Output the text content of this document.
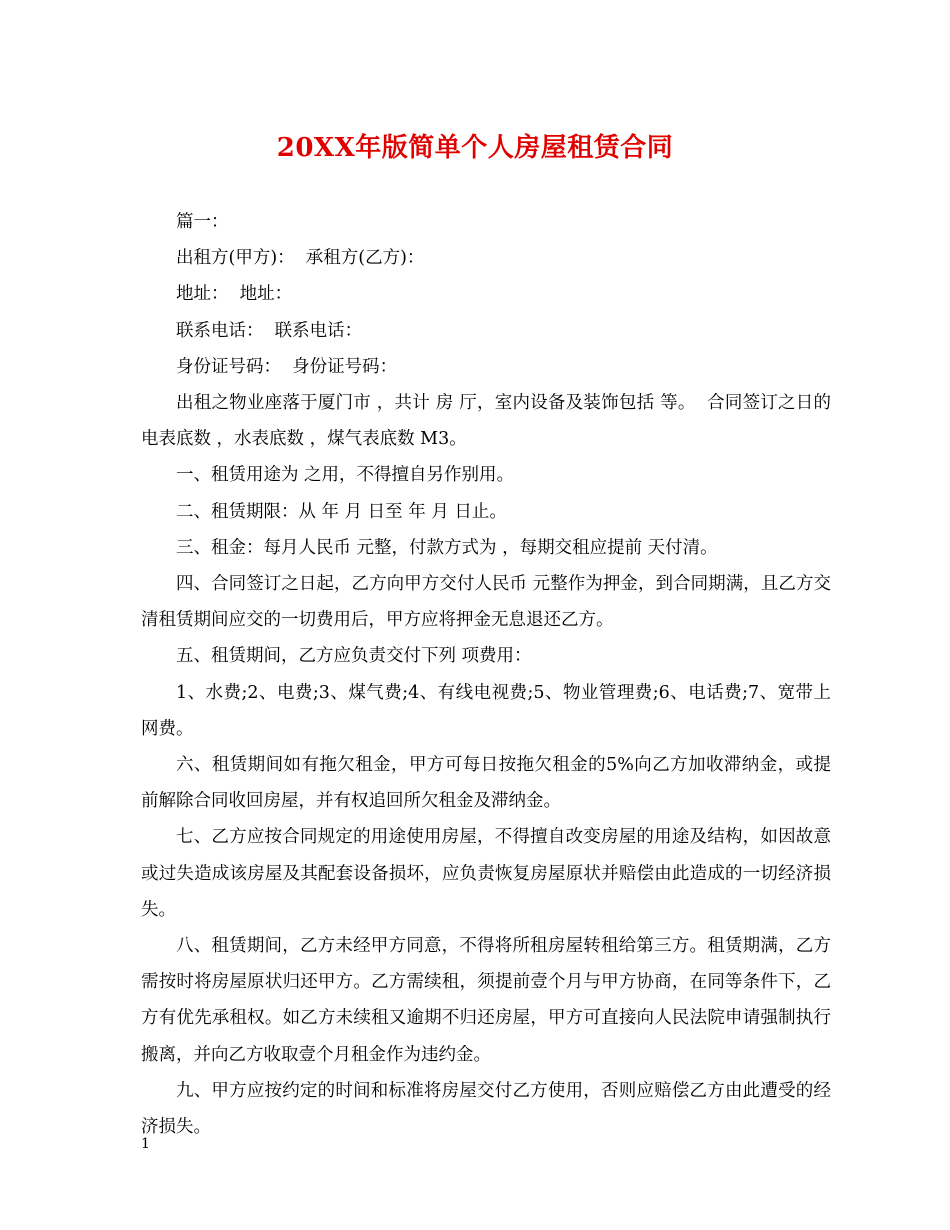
20XX年版简单个人房屋租赁合同

篇一：

出租方(甲方)：  承租方(乙方)：

地址：  地址：

联系电话：  联系电话：

身份证号码：  身份证号码：

出租之物业座落于厦门市 ，共计 房 厅，室内设备及装饰包括 等。  合同签订之日的电表底数 ，水表底数 ，煤气表底数 M3。

一、租赁用途为 之用，不得擅自另作别用。

二、租赁期限：从 年 月 日至 年 月 日止。

三、租金：每月人民币 元整，付款方式为 ，每期交租应提前 天付清。

四、合同签订之日起，乙方向甲方交付人民币 元整作为押金，到合同期满，且乙方交清租赁期间应交的一切费用后，甲方应将押金无息退还乙方。

五、租赁期间，乙方应负责交付下列 项费用：

1、水费;2、电费;3、煤气费;4、有线电视费;5、物业管理费;6、电话费;7、宽带上网费。

六、租赁期间如有拖欠租金，甲方可每日按拖欠租金的5%向乙方加收滞纳金，或提前解除合同收回房屋，并有权追回所欠租金及滞纳金。

七、乙方应按合同规定的用途使用房屋，不得擅自改变房屋的用途及结构，如因故意或过失造成该房屋及其配套设备损坏，应负责恢复房屋原状并赔偿由此造成的一切经济损失。

八、租赁期间，乙方未经甲方同意，不得将所租房屋转租给第三方。租赁期满，乙方需按时将房屋原状归还甲方。乙方需续租，须提前壹个月与甲方协商，在同等条件下，乙方有优先承租权。如乙方未续租又逾期不归还房屋，甲方可直接向人民法院申请强制执行搬离，并向乙方收取壹个月租金作为违约金。

九、甲方应按约定的时间和标准将房屋交付乙方使用，否则应赔偿乙方由此遭受的经济损失。

1
